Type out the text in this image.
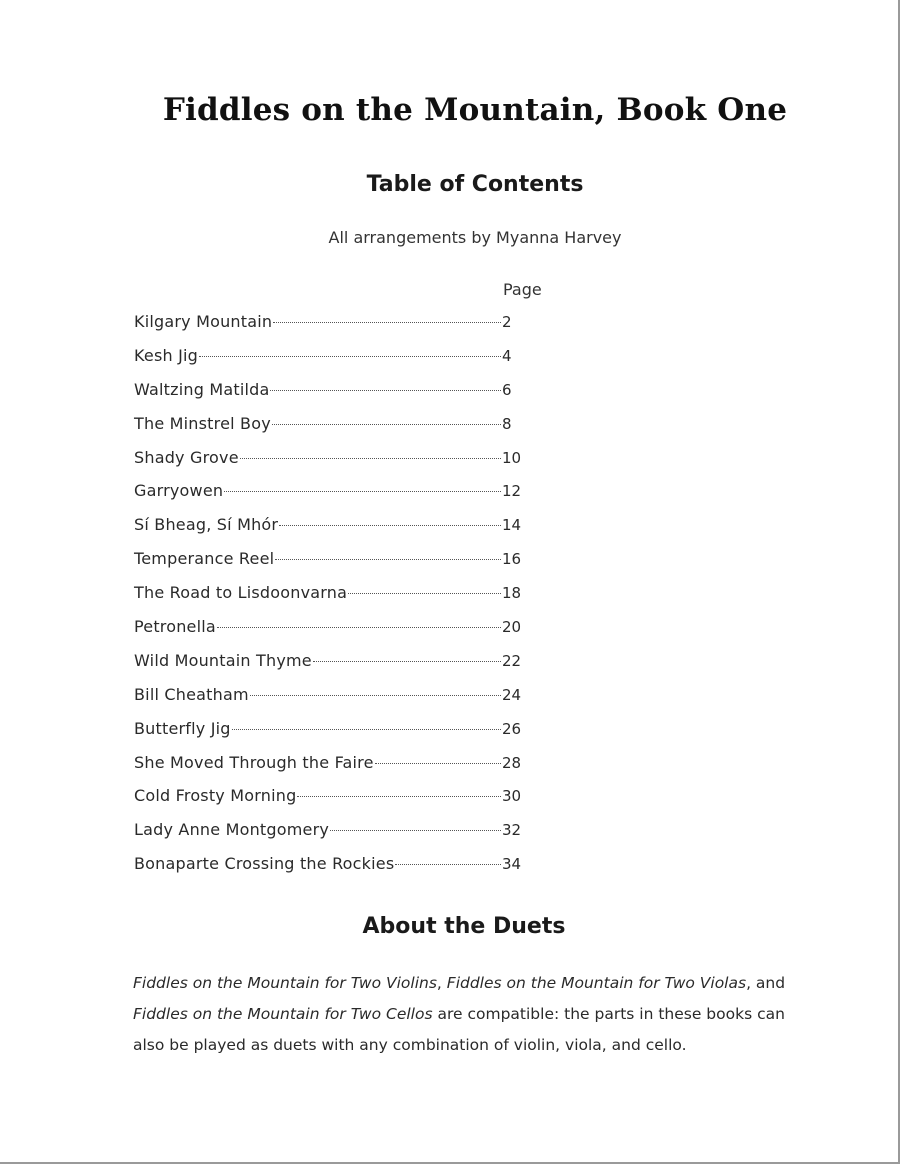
Fiddles on the Mountain, Book One
Table of Contents
All arrangements by Myanna Harvey
Page
Kilgary Mountain	2
Kesh Jig	4
Waltzing Matilda	6
The Minstrel Boy	8
Shady Grove	10
Garryowen	12
Sí Bheag, Sí Mhór	14
Temperance Reel	16
The Road to Lisdoonvarna	18
Petronella	20
Wild Mountain Thyme	22
Bill Cheatham	24
Butterfly Jig	26
She Moved Through the Faire	28
Cold Frosty Morning	30
Lady Anne Montgomery	32
Bonaparte Crossing the Rockies	34
About the Duets

Fiddles on the Mountain for Two Violins, Fiddles on the Mountain for Two Violas, and Fiddles on the Mountain for Two Cellos are compatible: the parts in these books can also be played as duets with any combination of violin, viola, and cello.
